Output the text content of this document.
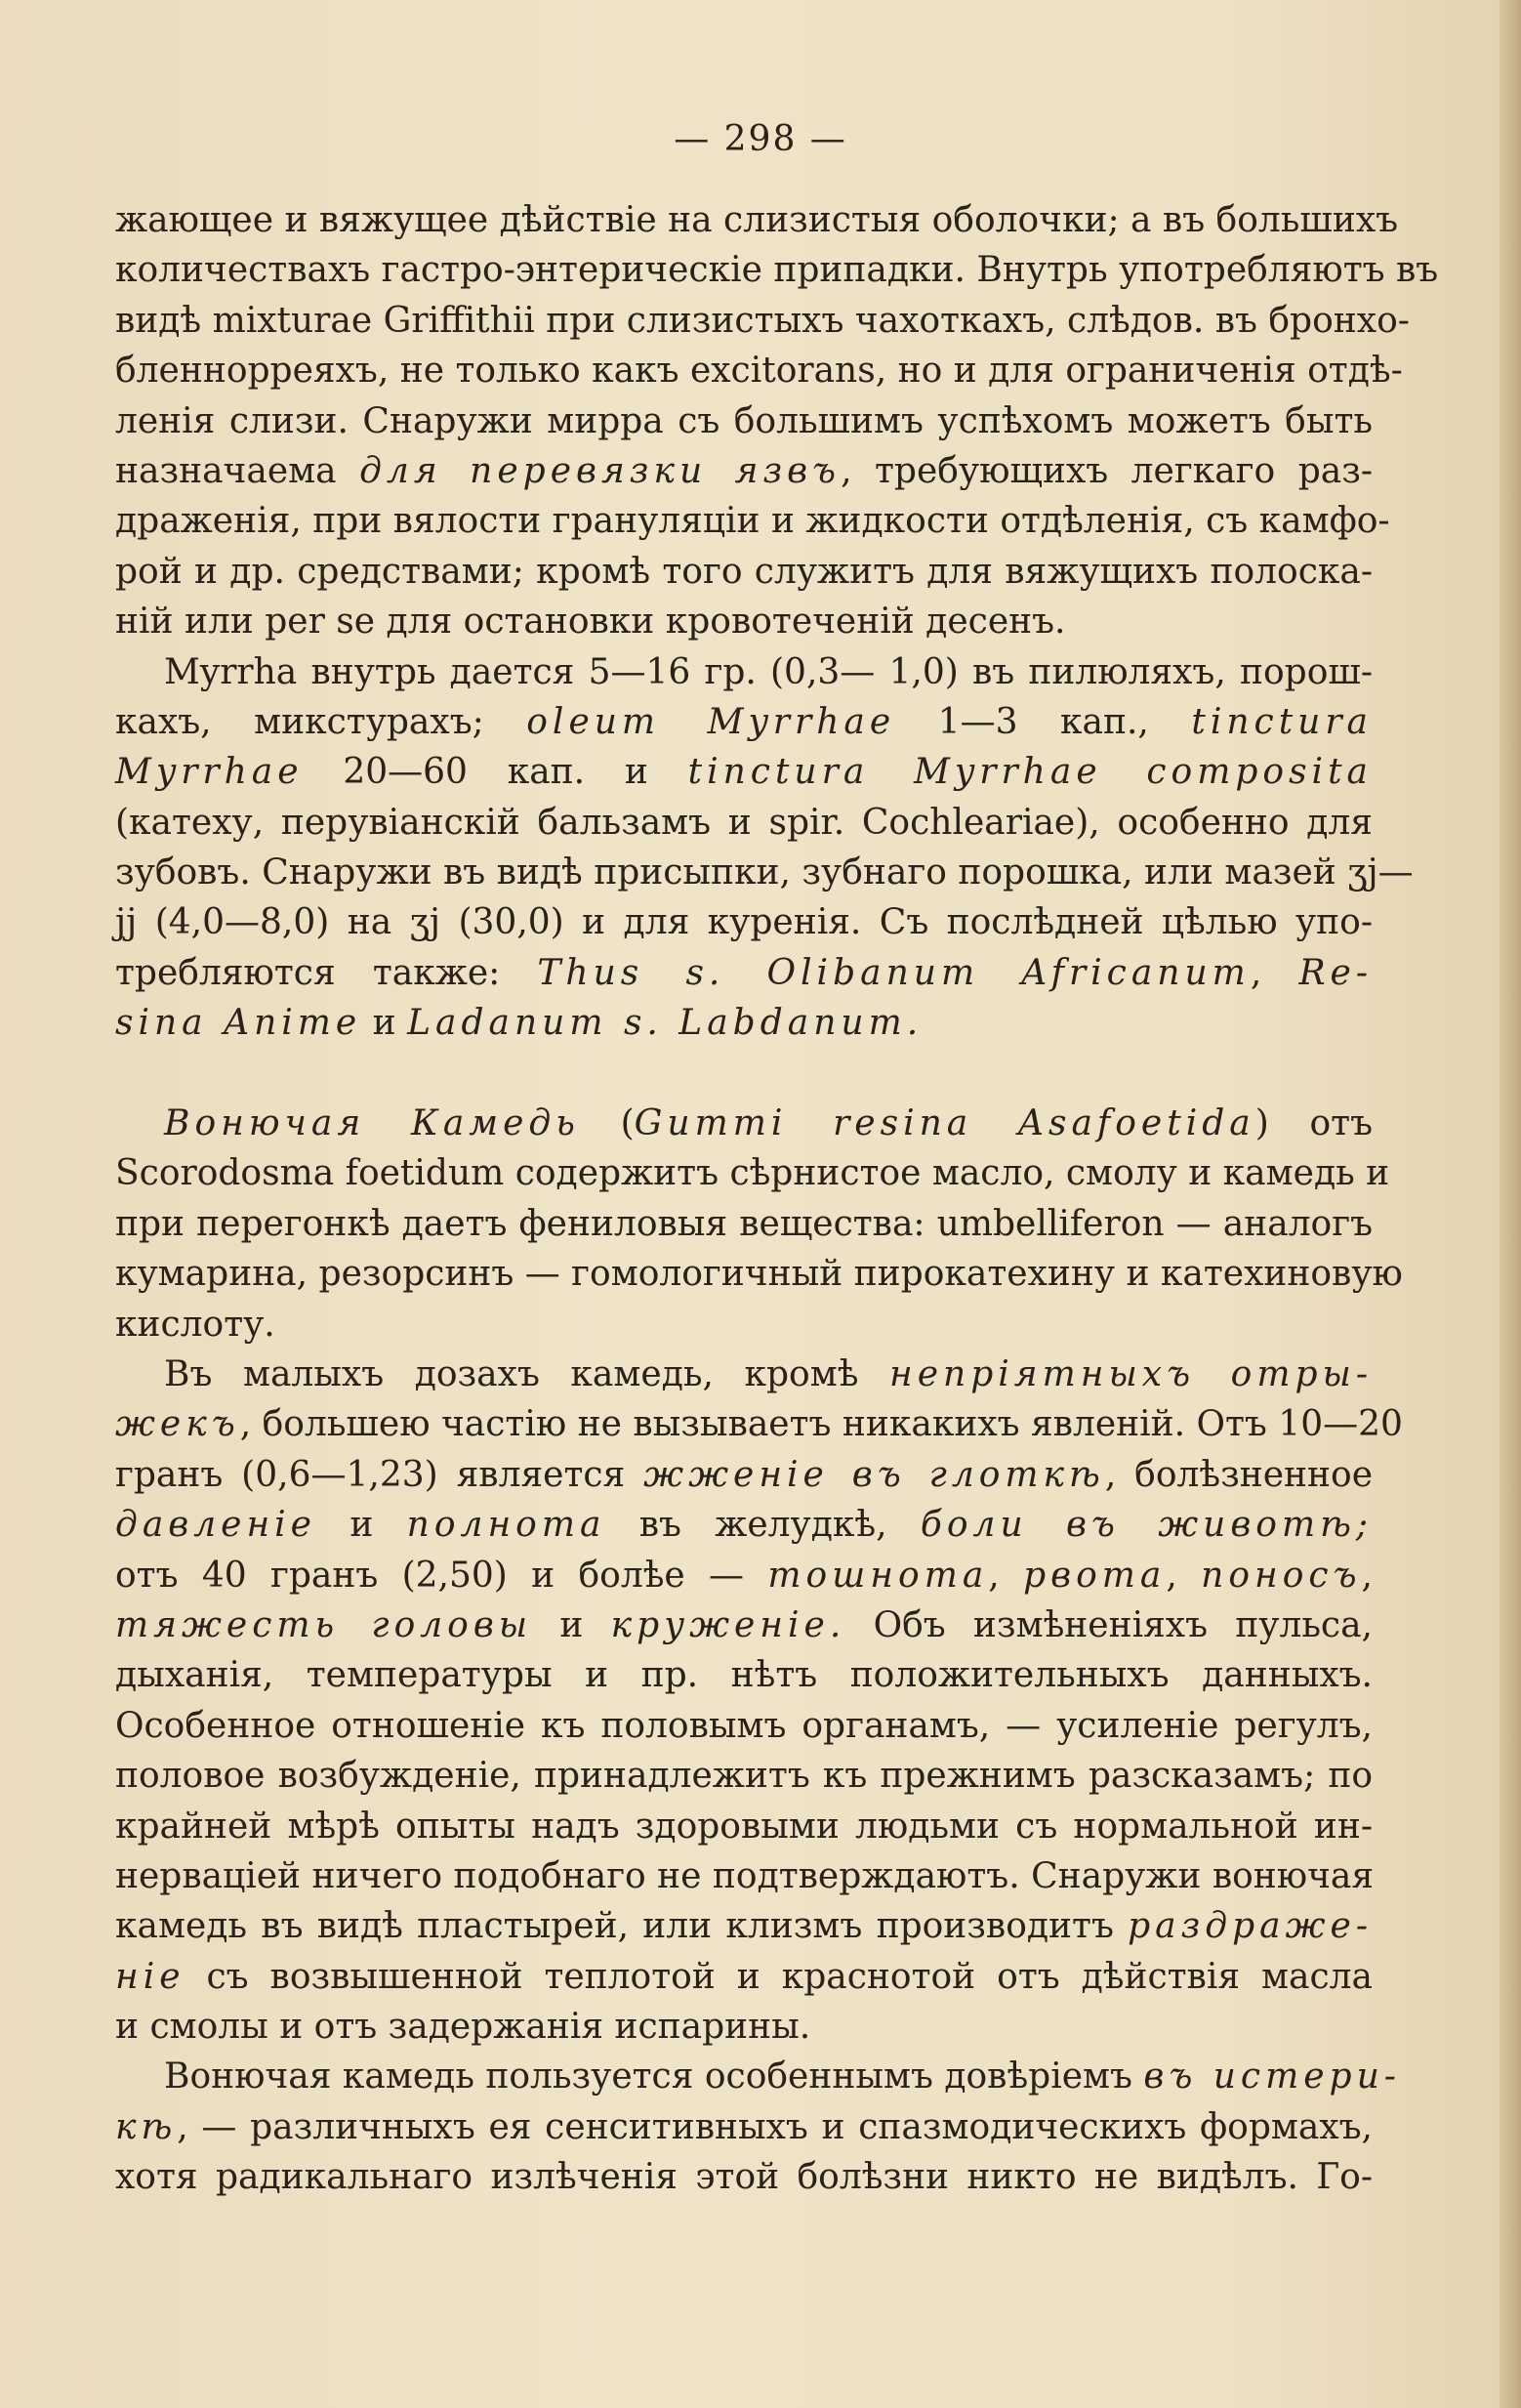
— 298 —
жающее и вяжущее дѣйствіе на слизистыя оболочки; а въ большихъ
количествахъ гастро-энтерическіе припадки. Внутрь употребляютъ въ
видѣ mixturae Griffithii при слизистыхъ чахоткахъ, слѣдов. въ бронхо-
бленнорреяхъ, не только какъ excitorans, но и для ограниченія отдѣ-
ленія слизи. Снаружи мирра съ большимъ успѣхомъ можетъ быть
назначаема для перевязки язвъ, требующихъ легкаго раз-
драженія, при вялости грануляціи и жидкости отдѣленія, съ камфо-
рой и др. средствами; кромѣ того служитъ для вяжущихъ полоска-
ній или per se для остановки кровотеченій деcенъ.
Myrrha внутрь дается 5—16 гр. (0,3— 1,0) въ пилюляхъ, порош-
кахъ, микстурахъ; oleum Myrrhae 1—3 кап., tinctura
Myrrhae 20—60 кап. и tinctura Myrrhae composita
(катеху, перувіанскій бальзамъ и spir. Cochleariae), особенно для
зубовъ. Снаружи въ видѣ присыпки, зубнаго порошка, или мазей ʒj—
jj (4,0—8,0) на ʒj (30,0) и для куренія. Съ послѣдней цѣлью упо-
требляются также: Thus s. Olibanum Africanum, Re-
sina Anime и Ladanum s. Labdanum.
Вонючая Камедь (Gummi resina Asafoetida) отъ
Scorodosma foetidum содержитъ сѣрнистое масло, смолу и камедь и
при перегонкѣ даетъ фениловыя вещества: umbelliferon — аналогъ
кумарина, резорсинъ — гомологичный пирокатехину и катехиновую
кислоту.
Въ малыхъ дозахъ камедь, кромѣ непріятныхъ отры-
жекъ, большею частію не вызываетъ никакихъ явленій. Отъ 10—20
гранъ (0,6—1,23) является жженіе въ глоткѣ, болѣзненное
давленіе и полнота въ желудкѣ, боли въ животѣ;
отъ 40 гранъ (2,50) и болѣе — тошнота, рвота, поносъ,
тяжесть головы и круженіе. Объ измѣненіяхъ пульса,
дыханія, температуры и пр. нѣтъ положительныхъ данныхъ.
Особенное отношеніе къ половымъ органамъ, — усиленіе регулъ,
половое возбужденіе, принадлежитъ къ прежнимъ разсказамъ; по
крайней мѣрѣ опыты надъ здоровыми людьми съ нормальной ин-
нерваціей ничего подобнаго не подтверждаютъ. Снаружи вонючая
камедь въ видѣ пластырей, или клизмъ производитъ раздраже-
ніе съ возвышенной теплотой и краснотой отъ дѣйствія масла
и смолы и отъ задержанія испарины.
Вонючая камедь пользуется особеннымъ довѣріемъ въ истери-
кѣ, — различныхъ ея сенситивныхъ и спазмодическихъ формахъ,
хотя радикальнаго излѣченія этой болѣзни никто не видѣлъ. Го-
